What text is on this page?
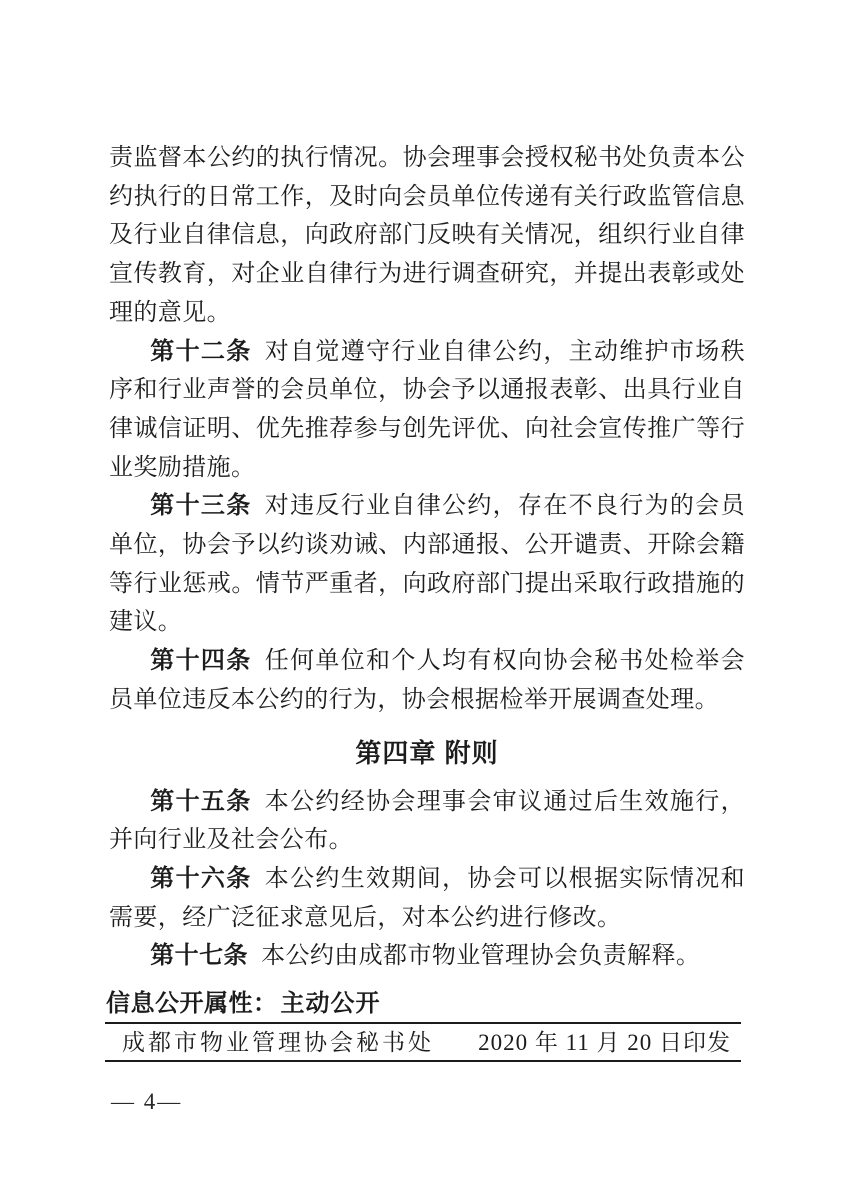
责监督本公约的执行情况。协会理事会授权秘书处负责本公约执行的日常工作，及时向会员单位传递有关行政监管信息及行业自律信息，向政府部门反映有关情况，组织行业自律宣传教育，对企业自律行为进行调查研究，并提出表彰或处理的意见。

第十二条 对自觉遵守行业自律公约，主动维护市场秩序和行业声誉的会员单位，协会予以通报表彰、出具行业自律诚信证明、优先推荐参与创先评优、向社会宣传推广等行业奖励措施。

第十三条 对违反行业自律公约，存在不良行为的会员单位，协会予以约谈劝诫、内部通报、公开谴责、开除会籍等行业惩戒。情节严重者，向政府部门提出采取行政措施的建议。

第十四条 任何单位和个人均有权向协会秘书处检举会员单位违反本公约的行为，协会根据检举开展调查处理。

第四章 附则

第十五条 本公约经协会理事会审议通过后生效施行，并向行业及社会公布。

第十六条 本公约生效期间，协会可以根据实际情况和需要，经广泛征求意见后，对本公约进行修改。

第十七条 本公约由成都市物业管理协会负责解释。

信息公开属性： 主动公开
成都市物业管理协会秘书处 2020 年 11 月 20 日印发
— 4—
